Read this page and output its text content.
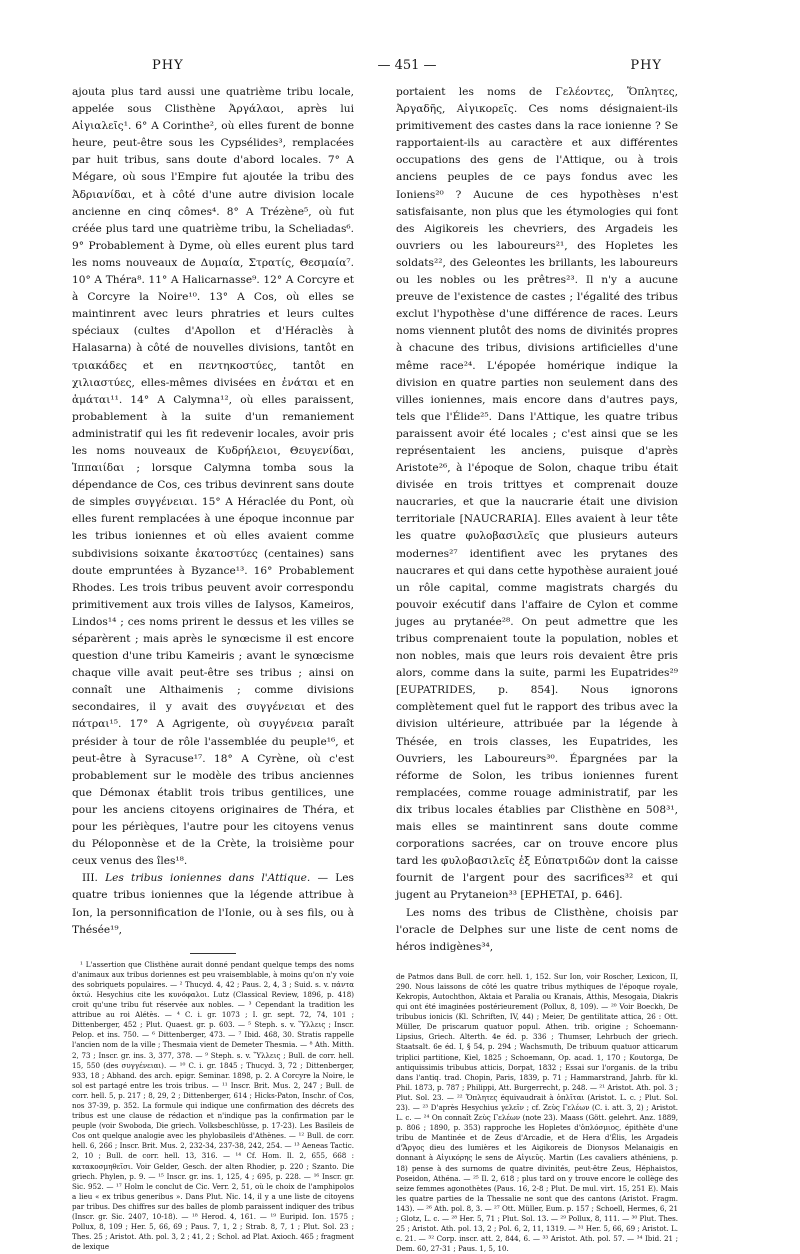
PHY	— 451 —	PHY

ajouta plus tard aussi une quatrième tribu locale, appelée sous Clisthène Ἀργάλαοι, après lui Αἰγιαλεῖς¹. 6° A Corinthe², où elles furent de bonne heure, peut-être sous les Cypsélides³, remplacées par huit tribus, sans doute d'abord locales. 7° A Mégare, où sous l'Empire fut ajoutée la tribu des Ἀδριανίδαι, et à côté d'une autre division locale ancienne en cinq cômes⁴. 8° A Trézène⁵, où fut créée plus tard une quatrième tribu, la Scheliadas⁶. 9° Probablement à Dyme, où elles eurent plus tard les noms nouveaux de Δυμαία, Στρατίς, Θεσμαία⁷. 10° A Théra⁸. 11° A Halicarnasse⁹. 12° A Corcyre et à Corcyre la Noire¹⁰. 13° A Cos, où elles se maintinrent avec leurs phratries et leurs cultes spéciaux (cultes d'Apollon et d'Héraclès à Halasarna) à côté de nouvelles divisions, tantôt en τριακάδες et en πεντηκοστύες, tantôt en χιλιαστύες, elles-mêmes divisées en ἐνάται et en ἁμάται¹¹. 14° A Calymna¹², où elles paraissent, probablement à la suite d'un remaniement administratif qui les fit redevenir locales, avoir pris les noms nouveaux de Κυδρήλειοι, Θευγενίδαι, Ἱππαιίδαι ; lorsque Calymna tomba sous la dépendance de Cos, ces tribus devinrent sans doute de simples συγγένειαι. 15° A Héraclée du Pont, où elles furent remplacées à une époque inconnue par les tribus ioniennes et où elles avaient comme subdivisions soixante ἑκατοστύες (centaines) sans doute empruntées à Byzance¹³. 16° Probablement Rhodes. Les trois tribus peuvent avoir correspondu primitivement aux trois villes de Ialysos, Kameiros, Lindos¹⁴ ; ces noms prirent le dessus et les villes se séparèrent ; mais après le synœcisme il est encore question d'une tribu Kameiris ; avant le synœcisme chaque ville avait peut-être ses tribus ; ainsi on connaît une Althaimenis ; comme divisions secondaires, il y avait des συγγένειαι et des πάτραι¹⁵. 17° A Agrigente, où συγγένεια paraît présider à tour de rôle l'assemblée du peuple¹⁶, et peut-être à Syracuse¹⁷. 18° A Cyrène, où c'est probablement sur le modèle des tribus anciennes que Démonax établit trois tribus gentilices, une pour les anciens citoyens originaires de Théra, et pour les périèques, l'autre pour les citoyens venus du Péloponnèse et de la Crète, la troisième pour ceux venus des îles¹⁸.

III. Les tribus ioniennes dans l'Attique. — Les quatre tribus ioniennes que la légende attribue à Ion, la personnification de l'Ionie, ou à ses fils, ou à Thésée¹⁹,

¹ L'assertion que Clisthène aurait donné pendant quelque temps des noms d'animaux aux tribus doriennes est peu vraisemblable, à moins qu'on n'y voie des sobriquets populaires. — ² Thucyd. 4, 42 ; Paus. 2, 4, 3 ; Suid. s. v. πάντα ὀκτώ. Hesychius cite les κυνόφαλοι. Lutz (Classical Review, 1896, p. 418) croit qu'une tribu fut réservée aux nobles. — ³ Cependant la tradition les attribue au roi Alétès. — ⁴ C. i. gr. 1073 ; I. gr. sept. 72, 74, 101 ; Dittenberger, 452 ; Plut. Quaest. gr. p. 603. — ⁵ Steph. s. v. Ὕλλεις ; Inscr. Pelop. et ins. 750. — ⁶ Dittenberger, 473. — ⁷ Ibid. 468, 30. Stratis rappelle l'ancien nom de la ville ; Thesmaia vient de Demeter Thesmia. — ⁸ Ath. Mitth. 2, 73 ; Inscr. gr. ins. 3, 377, 378. — ⁹ Steph. s. v. Ὕλλεις ; Bull. de corr. hell. 15, 550 (des συγγένειαι). — ¹⁰ C. i. gr. 1845 ; Thucyd. 3, 72 ; Dittenberger, 933, 18 ; Abhand. des arch. epigr. Seminar. 1898, p. 2. A Corcyre la Noire, le sol est partagé entre les trois tribus. — ¹¹ Inscr. Brit. Mus. 2, 247 ; Bull. de corr. hell. 5, p. 217 ; 8, 29, 2 ; Dittenberger, 614 ; Hicks-Paton, Inschr. of Cos, nos 37-39, p. 352. La formule qui indique une confirmation des décrets des tribus est une clause de rédaction et n'indique pas la confirmation par le peuple (voir Swoboda, Die griech. Volksbeschlüsse, p. 17-23). Les Basileis de Cos ont quelque analogie avec les phylobasileis d'Athènes. — ¹² Bull. de corr. hell. 6, 266 ; Inscr. Brit. Mus. 2, 232-34, 237-38, 242, 254. — ¹³ Aeneas Tactic. 2, 10 ; Bull. de corr. hell. 13, 316. — ¹⁴ Cf. Hom. Il. 2, 655, 668 : κατακοσμηθεῖσι. Voir Gelder, Gesch. der alten Rhodier, p. 220 ; Szanto. Die griech. Phylen, p. 9. — ¹⁵ Inscr. gr. ins. 1, 125, 4 ; 695, p. 228. — ¹⁶ Inscr. gr. Sic. 952. — ¹⁷ Holm le conclut de Cic. Verr. 2, 51, où le choix de l'amphipolos a lieu « ex tribus generibus ». Dans Plut. Nic. 14, il y a une liste de citoyens par tribus. Des chiffres sur des balles de plomb paraissent indiquer des tribus (Inscr. gr. Sic. 2407, 10-18). — ¹⁸ Herod. 4, 161. — ¹⁹ Euripid. Ion. 1575 ; Pollux, 8, 109 ; Her. 5, 66, 69 ; Paus. 7, 1, 2 ; Strab. 8, 7, 1 ; Plut. Sol. 23 ; Thes. 25 ; Aristot. Ath. pol. 3, 2 ; 41, 2 ; Schol. ad Plat. Axioch. 465 ; fragment de lexique

portaient les noms de Γελέοντες, Ὅπλητες, Ἀργαδῆς, Αἰγικορεῖς. Ces noms désignaient-ils primitivement des castes dans la race ionienne ? Se rapportaient-ils au caractère et aux différentes occupations des gens de l'Attique, ou à trois anciens peuples de ce pays fondus avec les Ioniens²⁰ ? Aucune de ces hypothèses n'est satisfaisante, non plus que les étymologies qui font des Aigikoreis les chevriers, des Argadeis les ouvriers ou les laboureurs²¹, des Hopletes les soldats²², des Geleontes les brillants, les laboureurs ou les nobles ou les prêtres²³. Il n'y a aucune preuve de l'existence de castes ; l'égalité des tribus exclut l'hypothèse d'une différence de races. Leurs noms viennent plutôt des noms de divinités propres à chacune des tribus, divisions artificielles d'une même race²⁴. L'épopée homérique indique la division en quatre parties non seulement dans des villes ioniennes, mais encore dans d'autres pays, tels que l'Élide²⁵. Dans l'Attique, les quatre tribus paraissent avoir été locales ; c'est ainsi que se les représentaient les anciens, puisque d'après Aristote²⁶, à l'époque de Solon, chaque tribu était divisée en trois trittyes et comprenait douze naucraries, et que la naucrarie était une division territoriale [NAUCRARIA]. Elles avaient à leur tête les quatre φυλοβασιλεῖς que plusieurs auteurs modernes²⁷ identifient avec les prytanes des naucrares et qui dans cette hypothèse auraient joué un rôle capital, comme magistrats chargés du pouvoir exécutif dans l'affaire de Cylon et comme juges au prytanée²⁸. On peut admettre que les tribus comprenaient toute la population, nobles et non nobles, mais que leurs rois devaient être pris alors, comme dans la suite, parmi les Eupatrides²⁹ [EUPATRIDES, p. 854]. Nous ignorons complètement quel fut le rapport des tribus avec la division ultérieure, attribuée par la légende à Thésée, en trois classes, les Eupatrides, les Ouvriers, les Laboureurs³⁰. Épargnées par la réforme de Solon, les tribus ioniennes furent remplacées, comme rouage administratif, par les dix tribus locales établies par Clisthène en 508³¹, mais elles se maintinrent sans doute comme corporations sacrées, car on trouve encore plus tard les φυλοβασιλεῖς ἐξ Εὐπατριδῶν dont la caisse fournit de l'argent pour des sacrifices³² et qui jugent au Prytaneion³³ [EPHETAI, p. 646].

Les noms des tribus de Clisthène, choisis par l'oracle de Delphes sur une liste de cent noms de héros indigènes³⁴,

de Patmos dans Bull. de corr. hell. 1, 152. Sur Ion, voir Roscher, Lexicon, II, 290. Nous laissons de côté les quatre tribus mythiques de l'époque royale, Kekropis, Autochthon, Aktaia et Paralia ou Kranais, Atthis, Mesogaia, Diakris qui ont été imaginées postérieurement (Pollux, 8, 109). — ²⁰ Voir Boeckh, De tribubus ionicis (Kl. Schriften, IV, 44) ; Meier, De gentilitate attica, 26 : Ott. Müller, De priscarum quatuor popul. Athen. trib. origine ; Schoemann-Lipsius, Griech. Alterth. 4e éd. p. 336 ; Thumser, Lehrbuch der griech. Staatsalt. 6e éd. I, § 54, p. 294 ; Wachsmuth, De tribuum quatuor atticarum triplici partitione, Kiel, 1825 ; Schoemann, Op. acad. 1, 170 ; Koutorga, De antiquissimis tribubus atticis, Dorpat, 1832 ; Essai sur l'organis. de la tribu dans l'antiq. trad. Chopin, Paris, 1839, p. 71 ; Hammarstrand, Jahrb. für kl. Phil. 1873, p. 787 ; Philippi, Att. Burgerrecht, p. 248. — ²¹ Aristot. Ath. pol. 3 ; Plut. Sol. 23. — ²² Ὅπλητες équivaudrait à ὁπλῖται (Aristot. L. c. ; Plut. Sol. 23). — ²³ D'après Hesychius γελεῖν ; cf. Ζεὺς Γελέων (C. i. att. 3, 2) ; Aristot. L. c. — ²⁴ On connaît Ζεὺς Γελέων (note 23). Maass (Gött. gelehrt. Anz. 1889, p. 806 ; 1890, p. 353) rapproche les Hopletes d'ὁπλόσμιος, épithète d'une tribu de Mantinée et de Zeus d'Arcadie, et de Hera d'Élis, les Argadeis d'Ἄργος dieu des lumières et les Aigikoreis de Dionysos Melanaigis en donnant à Αἰγικόρης le sens de Αἰγιεῦς. Martin (Les cavaliers athéniens, p. 18) pense à des surnoms de quatre divinités, peut-être Zeus, Héphaistos, Poseidon, Athéna. — ²⁵ Il. 2, 618 ; plus tard on y trouve encore le collège des seize femmes agonothètes (Paus. 16, 2-8 ; Plut. De mul. virt. 15, 251 E). Mais les quatre parties de la Thessalie ne sont que des cantons (Aristot. Fragm. 143). — ²⁶ Ath. pol. 8, 3. — ²⁷ Ott. Müller, Eum. p. 157 ; Schoell, Hermes, 6, 21 ; Glotz, L. c. — ²⁸ Her. 5, 71 ; Plut. Sol. 13. — ²⁹ Pollux, 8, 111. — ³⁰ Plut. Thes. 25 ; Aristot. Ath. pol. 13, 2 ; Pol. 6, 2, 11, 1319. — ³¹ Her. 5, 66, 69 ; Aristot. L. c. 21. — ³² Corp. inscr. att. 2, 844, 6. — ³³ Aristot. Ath. pol. 57. — ³⁴ Ibid. 21 ; Dem. 60, 27-31 ; Paus. 1, 5, 10.
